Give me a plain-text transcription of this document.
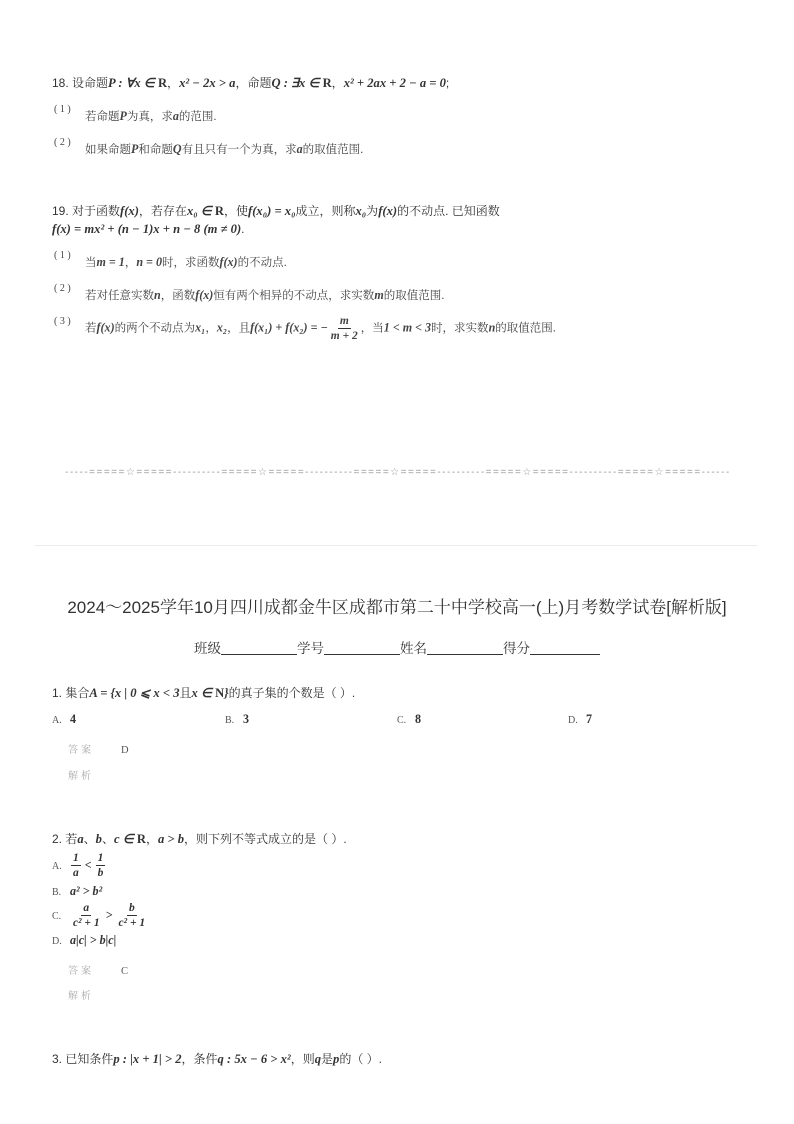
18. 设命题P : ∀x ∈ R，x² − 2x > a，命题Q : ∃x ∈ R，x² + 2ax + 2 − a = 0;
( 1 )
若命题P为真，求a的范围.
( 2 )
如果命题P和命题Q有且只有一个为真，求a的取值范围.
19. 对于函数f(x)，若存在x₀ ∈ R，使f(x₀) = x₀成立，则称x₀为f(x)的不动点. 已知函数
f(x) = mx² + (n − 1)x + n − 8 (m ≠ 0).
( 1 )
当m = 1，n = 0时，求函数f(x)的不动点.
( 2 )
若对任意实数n，函数f(x)恒有两个相异的不动点，求实数m的取值范围.
( 3 )
若f(x)的两个不动点为x₁，x₂，且f(x₁) + f(x₂) = − $\frac{m}{m + 2}$ ，当1 < m < 3时，求实数n的取值范围.
-----=====☆=====----------=====☆=====----------=====☆=====----------=====☆=====----------=====☆=====------
2024～2025学年10月四川成都金牛区成都市第二十中学校高一(上)月考数学试卷[解析版]
班级	学号	姓名	得分
1. 集合A = {x | 0 ⩽ x < 3且x ∈ N}的真子集的个数是（ ）.
A. 4	B. 3	C. 8	D. 7
答案	D
解析
2. 若a、b、c ∈ R，a > b，则下列不等式成立的是（ ）.
A. $\frac{1}{a} < \frac{1}{b}$
B. a² > b²
C. $\frac{a}{\text{c² + 1}} > \frac{b}{\text{c² + 1}}$
D. a|c| > b|c|
答案	C
解析
3. 已知条件p : |x + 1| > 2，条件q : 5x − 6 > x²，则q是p的（ ）.
